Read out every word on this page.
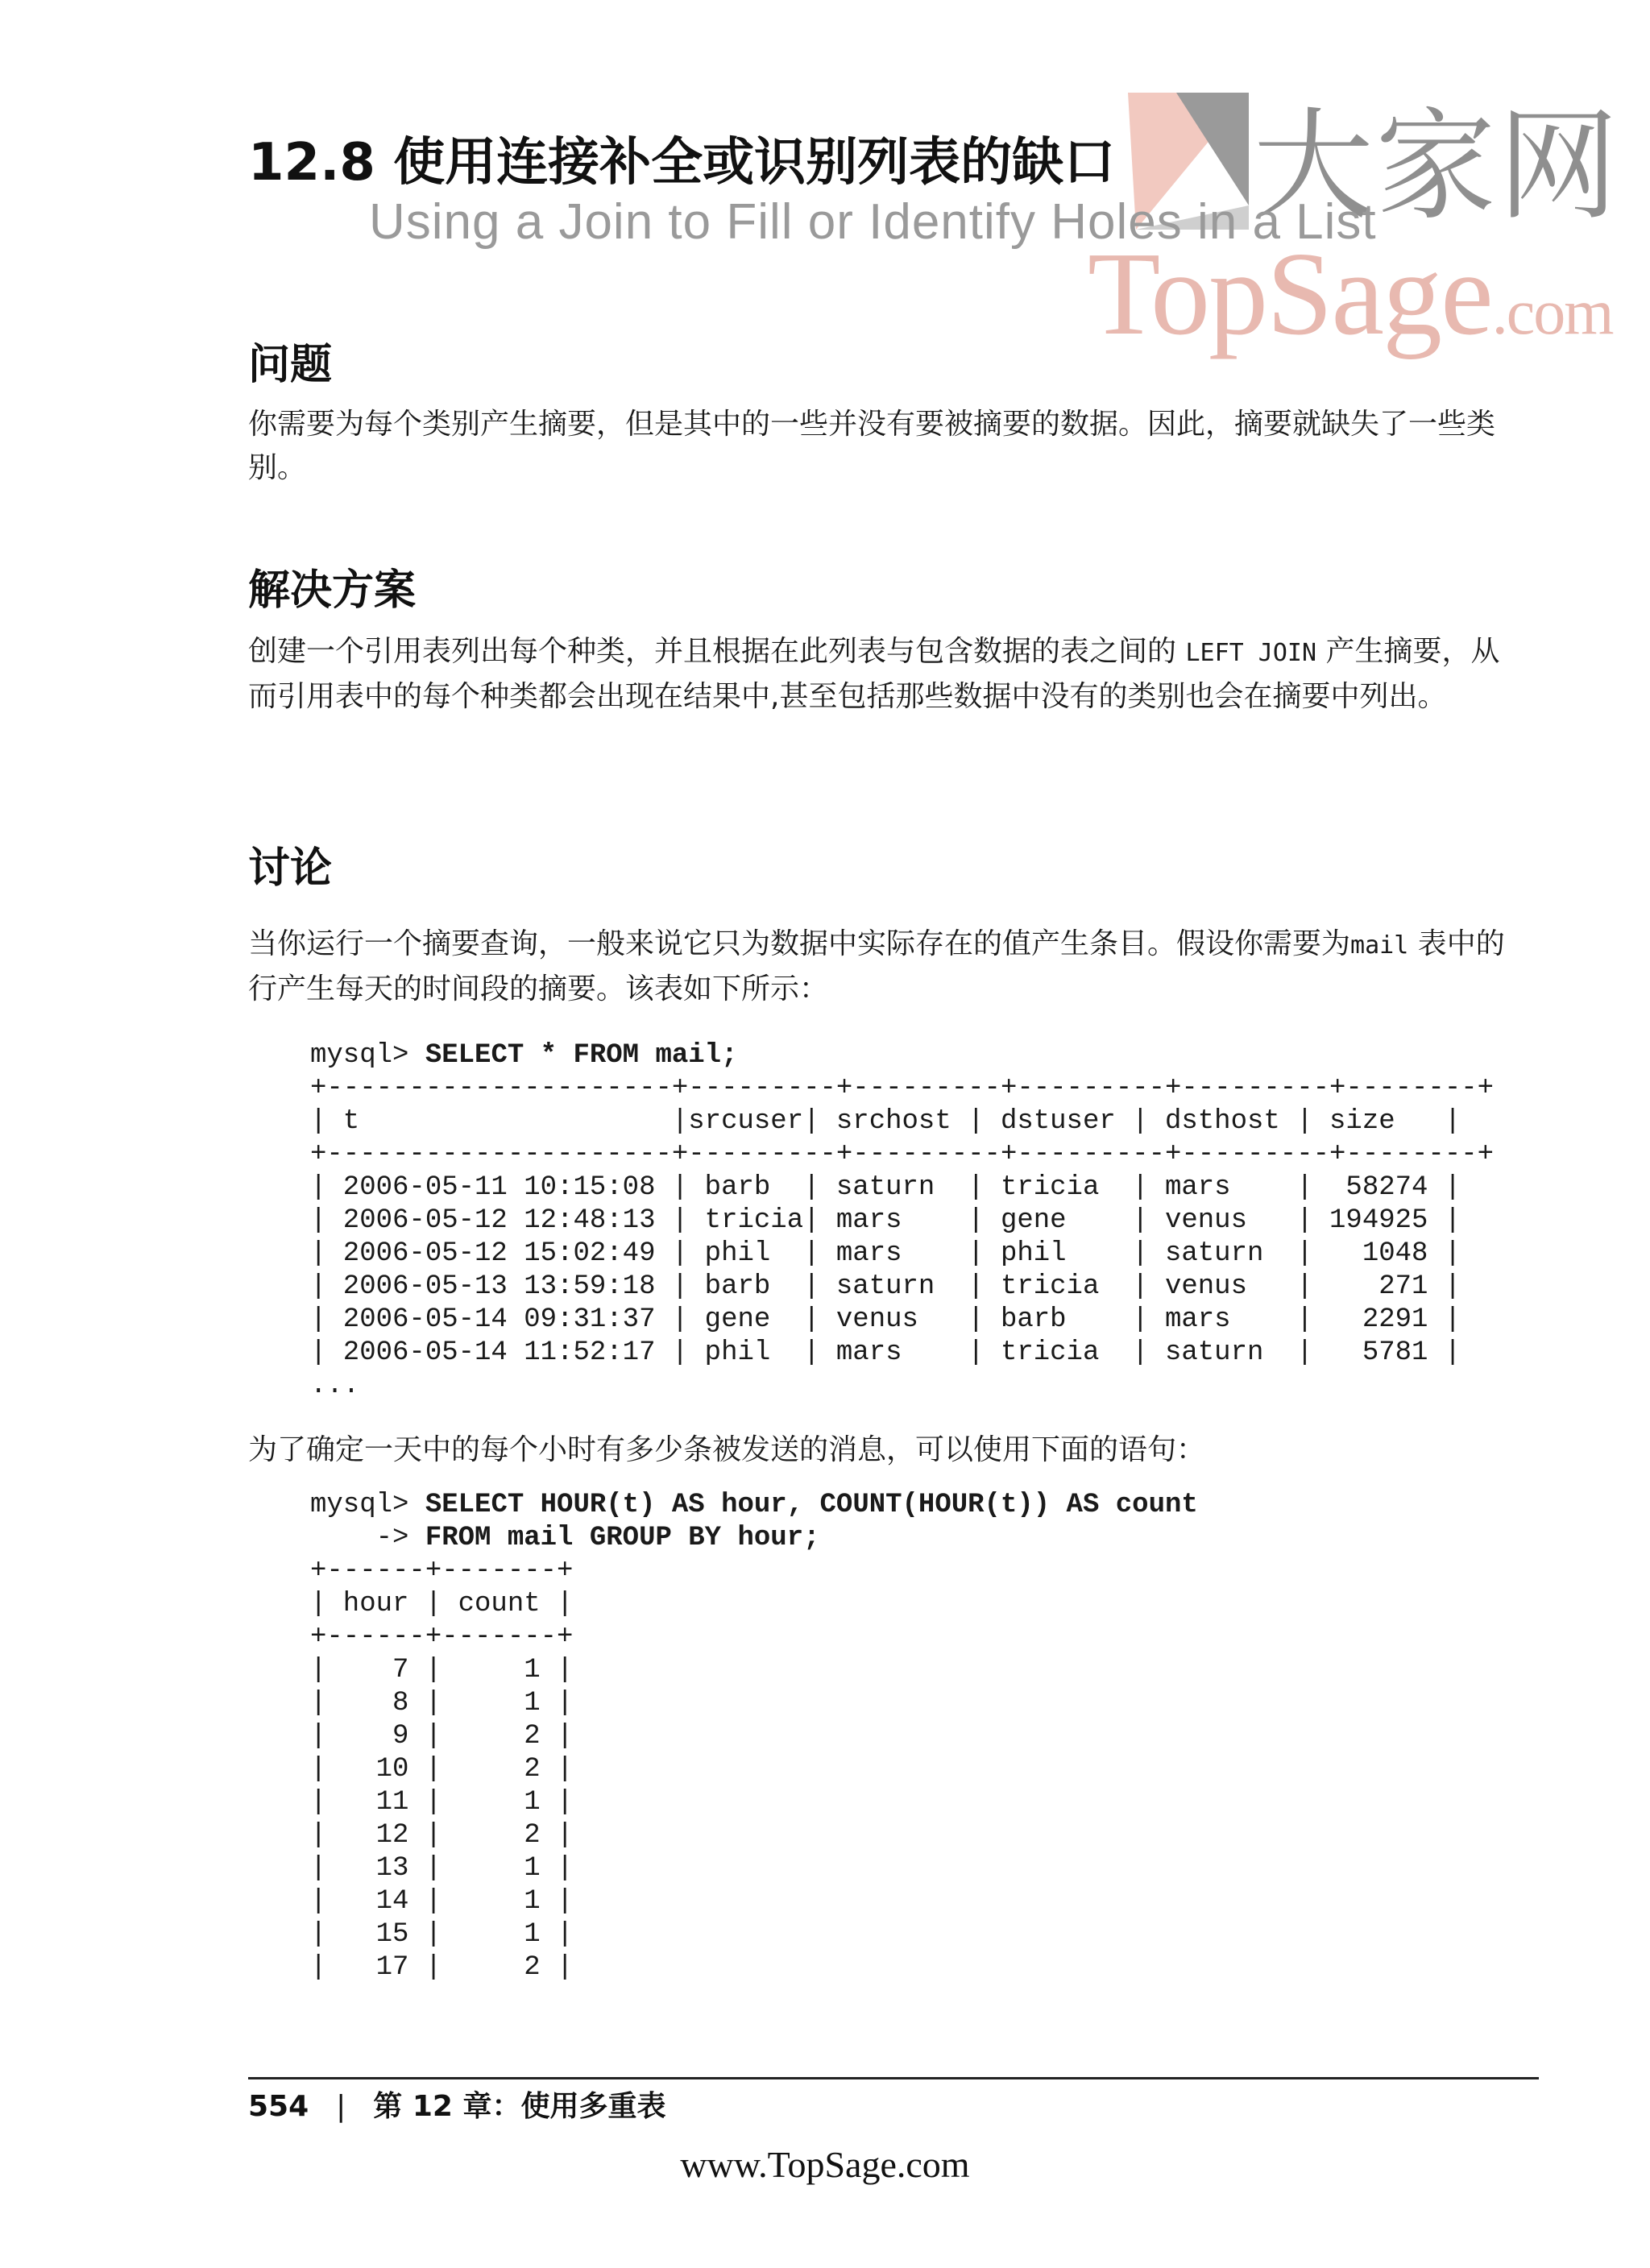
大家网
TopSage.com
12.8 使用连接补全或识别列表的缺口
Using a Join to Fill or Identify Holes in a List
问题
你需要为每个类别产生摘要，但是其中的一些并没有要被摘要的数据。因此，摘要就缺失了一些类别。
解决方案
创建一个引用表列出每个种类，并且根据在此列表与包含数据的表之间的 LEFT JOIN 产生摘要，从而引用表中的每个种类都会出现在结果中,甚至包括那些数据中没有的类别也会在摘要中列出。
讨论
当你运行一个摘要查询，一般来说它只为数据中实际存在的值产生条目。假设你需要为mail 表中的行产生每天的时间段的摘要。该表如下所示：
mysql> SELECT * FROM mail;
+---------------------+---------+---------+---------+---------+--------+
| t                   |srcuser| srchost | dstuser | dsthost | size   |
+---------------------+---------+---------+---------+---------+--------+
| 2006-05-11 10:15:08 | barb  | saturn  | tricia  | mars    |  58274 |
| 2006-05-12 12:48:13 | tricia| mars    | gene    | venus   | 194925 |
| 2006-05-12 15:02:49 | phil  | mars    | phil    | saturn  |   1048 |
| 2006-05-13 13:59:18 | barb  | saturn  | tricia  | venus   |    271 |
| 2006-05-14 09:31:37 | gene  | venus   | barb    | mars    |   2291 |
| 2006-05-14 11:52:17 | phil  | mars    | tricia  | saturn  |   5781 |
...
为了确定一天中的每个小时有多少条被发送的消息，可以使用下面的语句：
mysql> SELECT HOUR(t) AS hour, COUNT(HOUR(t)) AS count
-> FROM mail GROUP BY hour;
+------+-------+
| hour | count |
+------+-------+
|    7 |     1 |
|    8 |     1 |
|    9 |     2 |
|   10 |     2 |
|   11 |     1 |
|   12 |     2 |
|   13 |     1 |
|   14 |     1 |
|   15 |     1 |
|   17 |     2 |
554 | 第 12 章：使用多重表
www.TopSage.com
